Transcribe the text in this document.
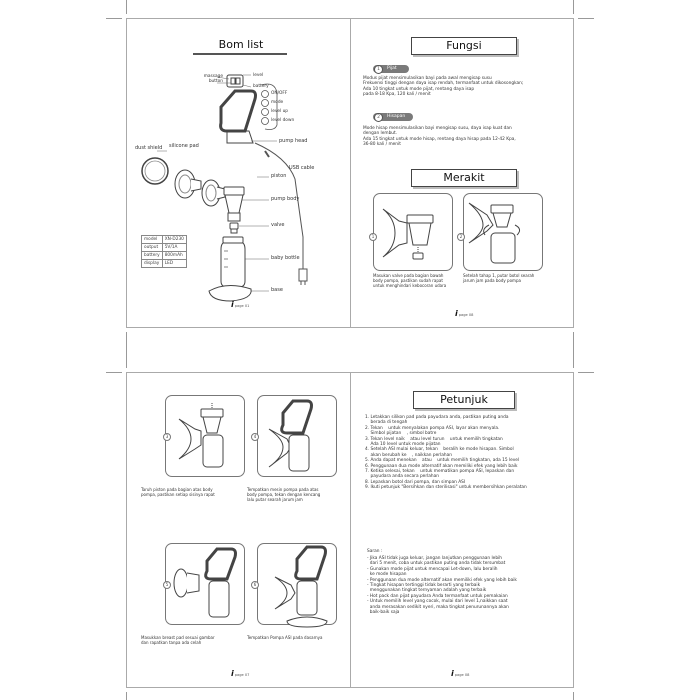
Bom list
massage
button
level
battery
ON/OFF
mode
level up
level down
pump head
dust shield silicone pad
USB cable
piston
pump body
valve
baby bottle
base
model	XN-D230
output	5V/1A
battery	800mAh
display	LED
ipage 01
Fungsi
1	Pijat
Modus pijat mensimulasikan bayi pada awal mengisap susu
Frekuensi tinggi dengan daya isap rendah, termanfaat untuk dikosongkan;
Ada 10 tingkat untuk mode pijat, rentang daya isap
pada 8-18 Kpa, 120 kali / menit
2	Hisapan
Mode hisap mensimulasikan bayi mengisap susu, daya isap kuat dan
dengan lembut.
Ada 15 tingkat untuk mode hisap, rentang daya hisap pada 12-42 Kpa,
36-80 kali / menit
Merakit
1	2
Masukan valve pada bagian bawah
body pompa, pastikan sudah rapat
untuk menghindari kebocoran udara
Setelah tahap 1, putar botol searah
jarum jam pada body pompa
ipage 08
3	4
5	6
Taruh piston pada bagian atas body
pompa, pastikan setiap sisinya rapat
Tempatkan mesin pompa pada atas
body pompa, tekan dengan kencang
lalu putar searah jarum jam
Masukkan breast pad sesuai gambar
dan rapatkan tanpa ada celah
Tempatkan Pompa ASI pada dasarnya
ipage 07
Petunjuk
1. Letakkan silikon pad pada payudara anda, pastikan puting anda
berada di tengah
2. Tekan    untuk menyalakan pompa ASI, layar akan menyala.
Simbol pijatan    , simbol batre
3. Tekan level naik    atau level turun    untuk memilih tingkatan
Ada 10 level untuk mode pijatan
4. Setelah ASI mulai keluar, tekan    beralih ke mode hisapan. Simbol
akan berubah ke    , naikkan perlahan
5. Anda dapat menekan    atau    untuk memilih tingkatan, ada 15 level
6. Penggunaan dua mode alternatif akan memiliki efek yang lebih baik
7. Ketika selesai, tekan    untuk mematikan pompa ASI, lepaskan dan
payudara anda secara perlahan
8. Lepaskan botol dari pompa, dan simpan ASI
9. Ikuti petunjuk "Bersihkan dan sterilisasi" untuk membersihkan peralatan
Saran :
- Jika ASI tidak juga keluar, jangan lanjutkan penggunaan lebih
dari 5 menit, coba untuk pastikan puting anda tidak tersumbat
- Gunakan mode pijat untuk mencapai Let-down, lalu beralih
ke mode hisapan
- Penggunaan dua mode alternatif akan memiliki efek yang lebih baik
- Tingkat hisapan tertinggi tidak berarti yang terbaik
menggunakan tingkat ternyaman adalah yang terbaik
- Hot pack dan pijat payudara Anda termanfaat untuk pemakaian
- Untuk memilih level yang cocok, mulai dari level 1,naikkan saat
anda merasakan sedikit nyeri, maka tingkat penurunannya akan
baik-baik saja
ipage 08
